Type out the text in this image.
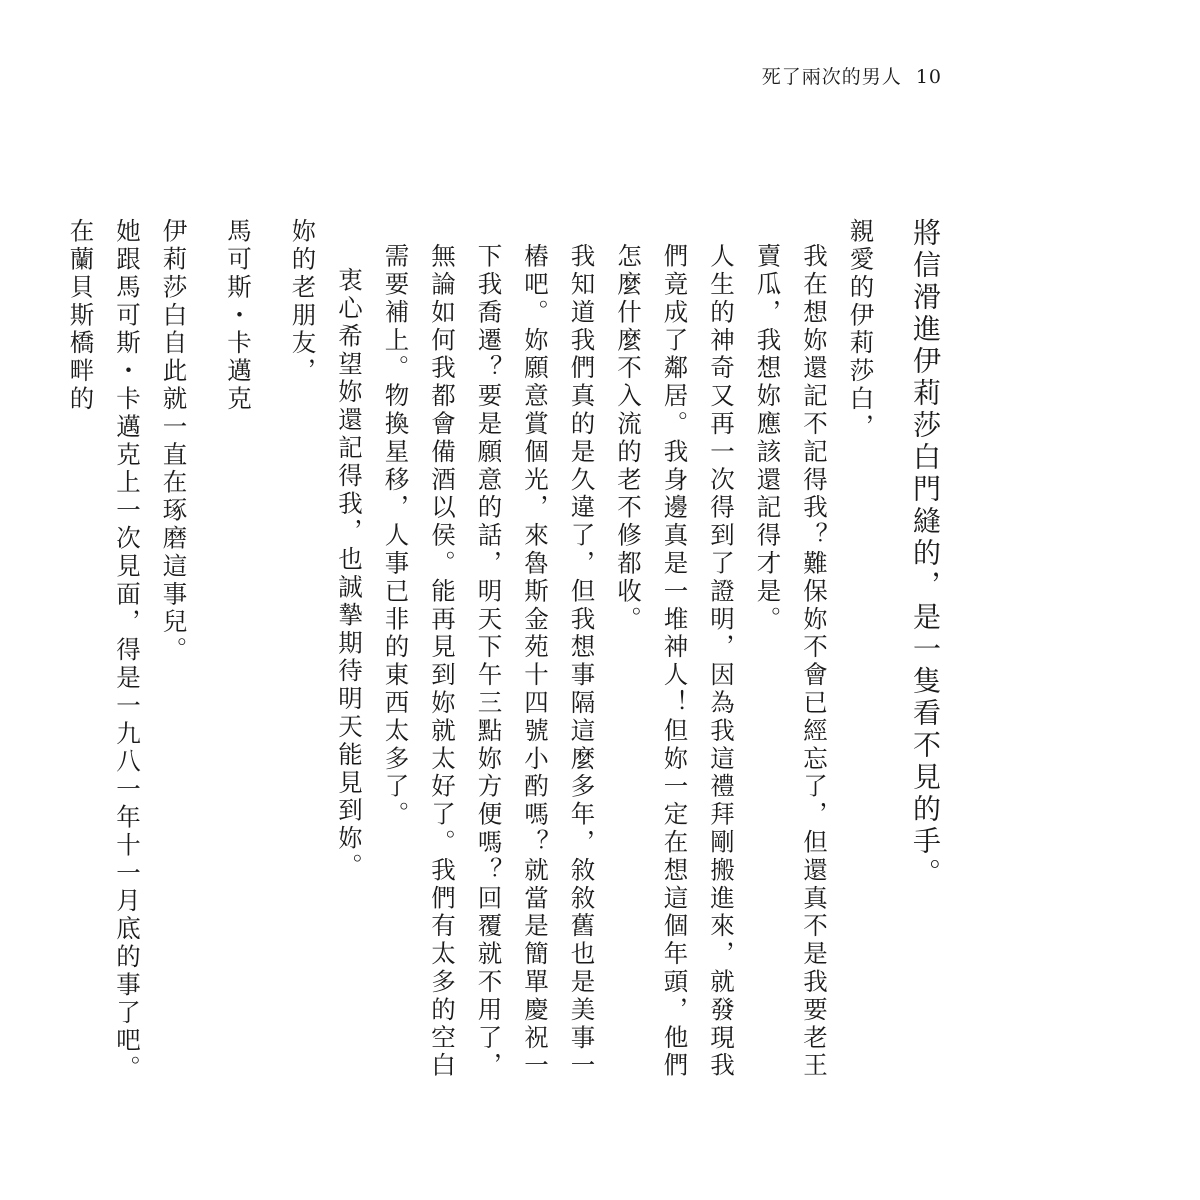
死了兩次的男人 10

將信滑進伊莉莎白門縫的，是一隻看不見的手。

親愛的伊莉莎白，

我在想妳還記不記得我？難保妳不會已經忘了，但還真不是我要老王賣瓜，我想妳應該還記得才是。

人生的神奇又再一次得到了證明，因為我這禮拜剛搬進來，就發現我們竟成了鄰居。我身邊真是一堆神人！但妳一定在想這個年頭，他們怎麼什麼不入流的老不修都收。

我知道我們真的是久違了，但我想事隔這麼多年，敘敘舊也是美事一樁吧。妳願意賞個光，來魯斯金苑十四號小酌嗎？就當是簡單慶祝一下我喬遷？要是願意的話，明天下午三點妳方便嗎？回覆就不用了，無論如何我都會備酒以侯。能再見到妳就太好了。我們有太多的空白需要補上。物換星移，人事已非的東西太多了。

衷心希望妳還記得我，也誠摯期待明天能見到妳。

妳的老朋友，

馬可斯・卡邁克

伊莉莎白自此就一直在琢磨這事兒。

她跟馬可斯・卡邁克上一次見面，得是一九八一年十一月底的事了吧。在蘭貝斯橋畔的
